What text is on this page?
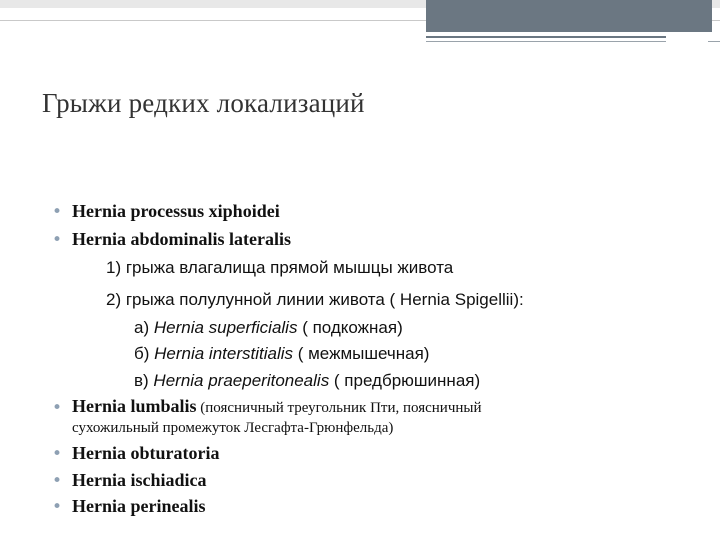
Грыжи редких локализаций
• Hernia processus xiphoidei
• Hernia abdominalis lateralis
1) грыжа влагалища прямой мышцы живота
2) грыжа полулунной линии живота ( Hernia Spigellii):
а) Hernia superficialis ( подкожная)
б) Hernia interstitialis ( межмышечная)
в) Hernia praeperitonealis ( предбрюшинная)
• Hernia lumbalis (поясничный треугольник Пти, поясничный
сухожильный промежуток Лесгафта-Грюнфельда)
• Hernia obturatoria
• Hernia ischiadica
• Hernia perinealis
